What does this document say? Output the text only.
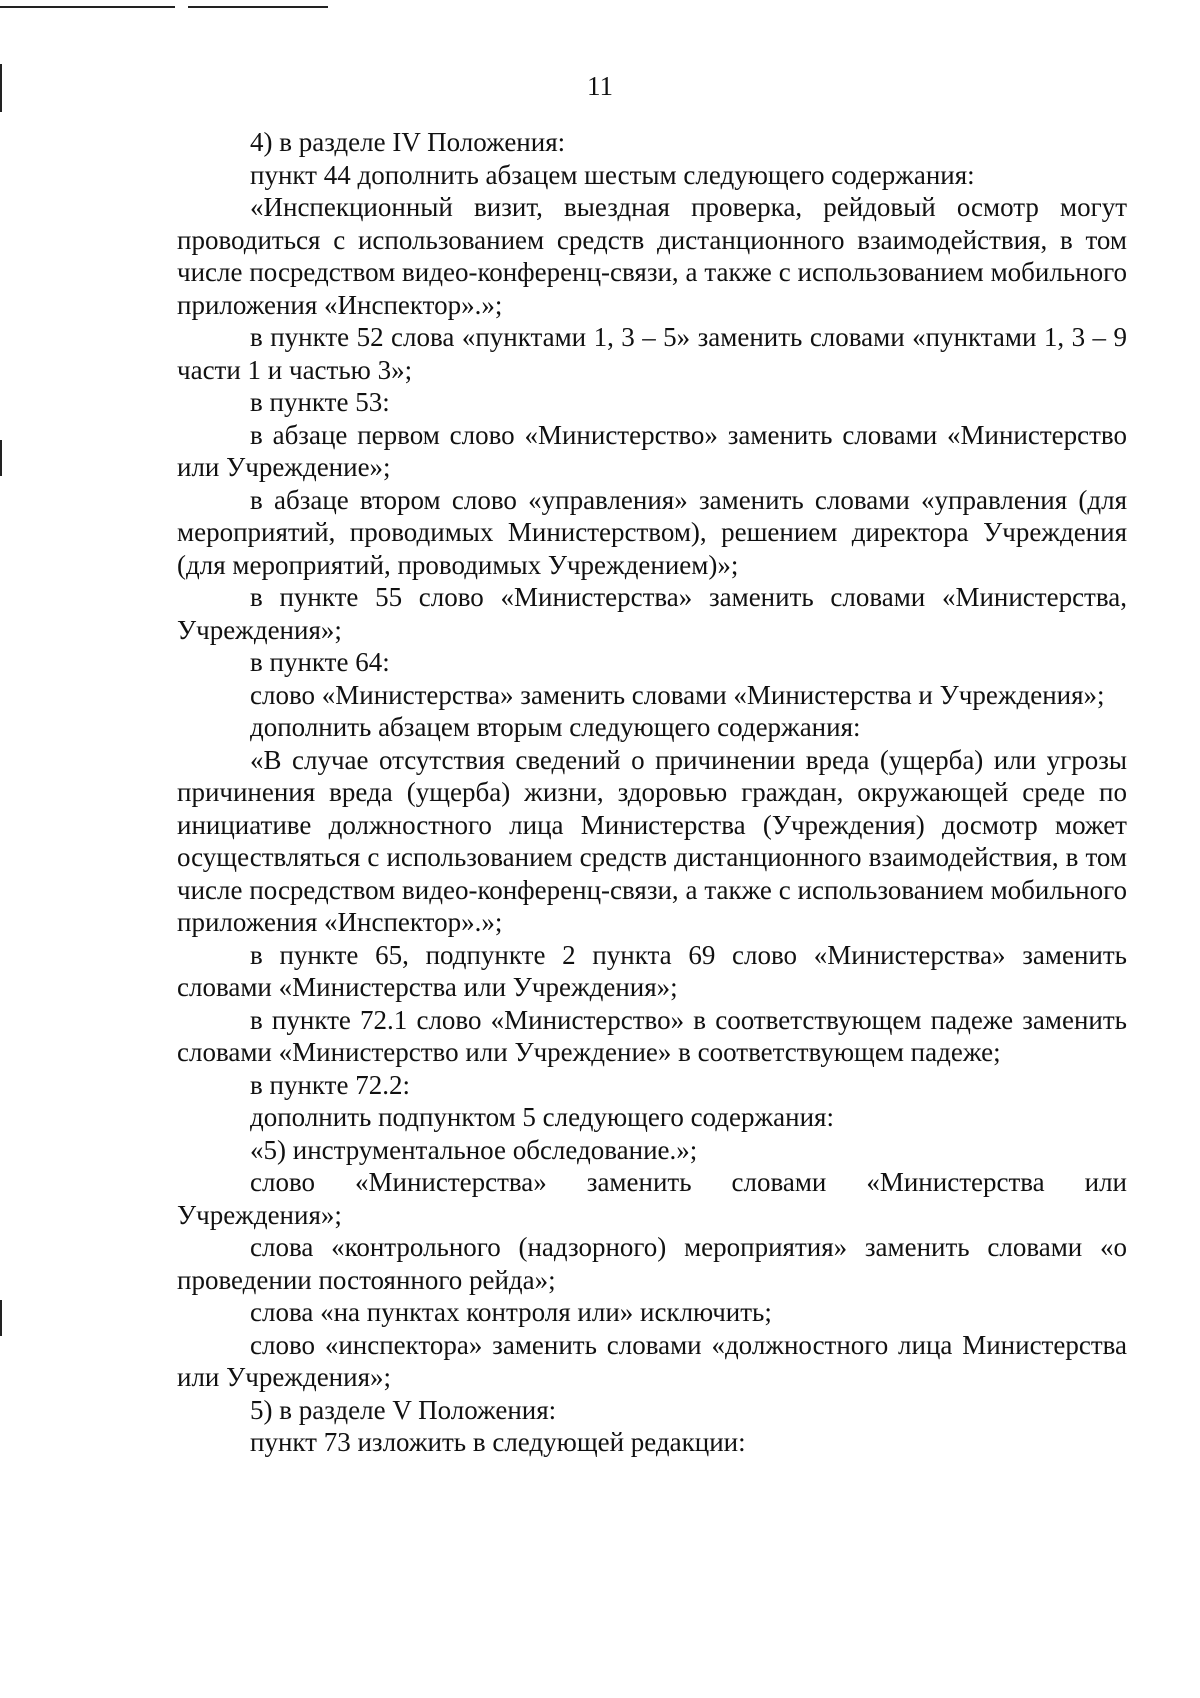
11

4) в разделе IV Положения:

пункт 44 дополнить абзацем шестым следующего содержания:

«Инспекционный визит, выездная проверка, рейдовый осмотр могут проводиться с использованием средств дистанционного взаимодействия, в том числе посредством видео-конференц-связи, а также с использованием мобильного приложения «Инспектор».»;

в пункте 52 слова «пунктами 1, 3 – 5» заменить словами «пунктами 1, 3 – 9 части 1 и частью 3»;

в пункте 53:

в абзаце первом слово «Министерство» заменить словами «Министерство или Учреждение»;

в абзаце втором слово «управления» заменить словами «управления (для мероприятий, проводимых Министерством), решением директора Учреждения (для мероприятий, проводимых Учреждением)»;

в пункте 55 слово «Министерства» заменить словами «Министерства, Учреждения»;

в пункте 64:

слово «Министерства» заменить словами «Министерства и Учреждения»;

дополнить абзацем вторым следующего содержания:

«В случае отсутствия сведений о причинении вреда (ущерба) или угрозы причинения вреда (ущерба) жизни, здоровью граждан, окружающей среде по инициативе должностного лица Министерства (Учреждения) досмотр может осуществляться с использованием средств дистанционного взаимодействия, в том числе посредством видео-конференц-связи, а также с использованием мобильного приложения «Инспектор».»;

в пункте 65, подпункте 2 пункта 69 слово «Министерства» заменить словами «Министерства или Учреждения»;

в пункте 72.1 слово «Министерство» в соответствующем падеже заменить словами «Министерство или Учреждение» в соответствующем падеже;

в пункте 72.2:

дополнить подпунктом 5 следующего содержания:

«5) инструментальное обследование.»;

слово «Министерства» заменить словами «Министерства или Учреждения»;

слова «контрольного (надзорного) мероприятия» заменить словами «о проведении постоянного рейда»;

слова «на пунктах контроля или» исключить;

слово «инспектора» заменить словами «должностного лица Министерства или Учреждения»;

5) в разделе V Положения:

пункт 73 изложить в следующей редакции:
